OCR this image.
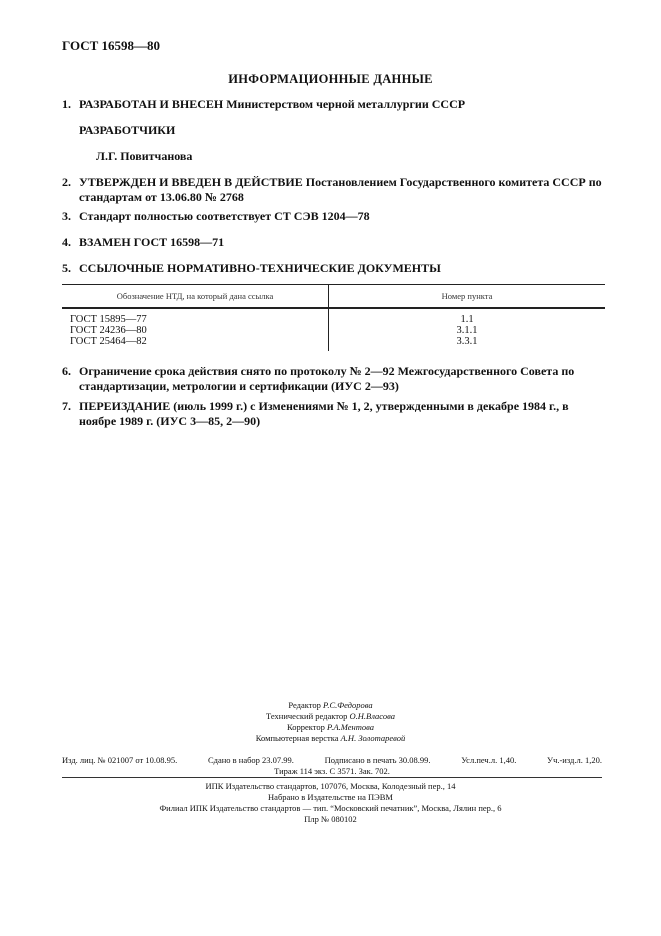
ГОСТ 16598—80
ИНФОРМАЦИОННЫЕ ДАННЫЕ
1. РАЗРАБОТАН И ВНЕСЕН Министерством черной металлургии СССР
РАЗРАБОТЧИКИ
Л.Г. Повитчанова
2. УТВЕРЖДЕН И ВВЕДЕН В ДЕЙСТВИЕ Постановлением Государственного комитета СССР по стандартам от 13.06.80 № 2768
3. Стандарт полностью соответствует СТ СЭВ 1204—78
4. ВЗАМЕН ГОСТ 16598—71
5. ССЫЛОЧНЫЕ НОРМАТИВНО-ТЕХНИЧЕСКИЕ ДОКУМЕНТЫ
Обозначение НТД, на который дана ссылка	Номер пункта
ГОСТ 15895—77	1.1
ГОСТ 24236—80	3.1.1
ГОСТ 25464—82	3.3.1
6. Ограничение срока действия снято по протоколу № 2—92 Межгосударственного Совета по стандартизации, метрологии и сертификации (ИУС 2—93)
7. ПЕРЕИЗДАНИЕ (июль 1999 г.) с Изменениями № 1, 2, утвержденными в декабре 1984 г., в ноябре 1989 г. (ИУС 3—85, 2—90)
Редактор Р.С.Федорова
Технический редактор О.Н.Власова
Корректор Р.А.Ментова
Компьютерная верстка А.Н. Золотаревой
Изд. лиц. № 021007 от 10.08.95.	Сдано в набор 23.07.99.	Подписано в печать 30.08.99.	Усл.печ.л. 1,40.	Уч.-изд.л. 1,20.
Тираж 114 экз. С 3571. Зак. 702.
ИПК Издательство стандартов, 107076, Москва, Колодезный пер., 14
Набрано в Издательстве на ПЭВМ
Филиал ИПК Издательство стандартов — тип. “Московский печатник”, Москва, Лялин пер., 6
Плр № 080102
